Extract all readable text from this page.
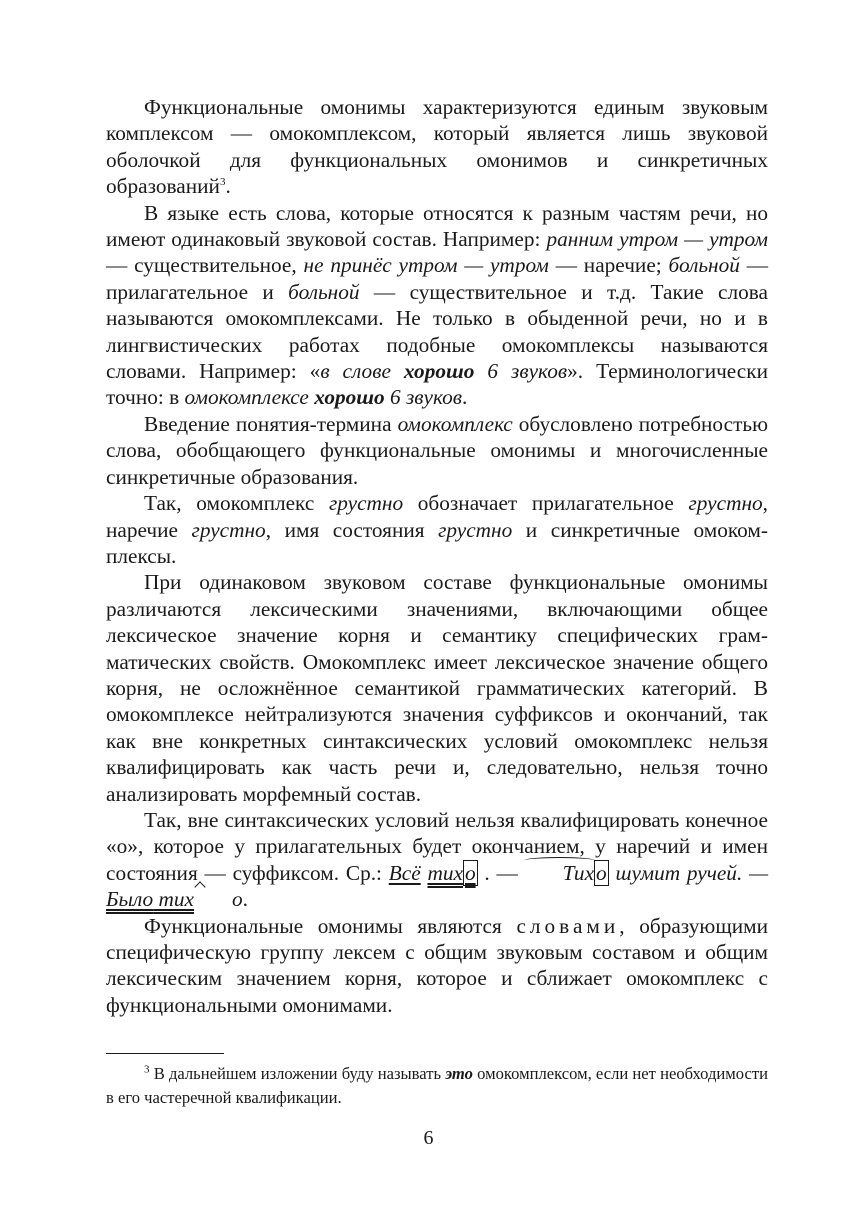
Функциональные омонимы характеризуются единым звуковым комплексом — омокомплексом, который является лишь звуковой оболочкой для функциональных омонимов и синкретичных образований$^3$.

В языке есть слова, которые относятся к разным частям речи, но имеют одинаковый звуковой состав. Например: ранним утром — утром — существительное, не принёс утром — утром — наречие; больной — прилагательное и больной — существительное и т.д. Такие слова называются омокомплексами. Не только в обыденной речи, но и в лингвистических работах подобные омокомплексы называются словами. Например: «в слове хорошо 6 звуков». Терминологически точно: в омокомплексе хорошо 6 звуков.

Введение понятия-термина омокомплекс обусловлено потребностью слова, обобщающего функциональные омонимы и многочисленные синкретичные образования.

Так, омокомплекс грустно обозначает прилагательное грустно, наречие грустно, имя состояния грустно и синкретичные омокомплексы.

При одинаковом звуковом составе функциональные омонимы различаются лексическими значениями, включающими общее лексическое значение корня и семантику специфических грамматических свойств. Омокомплекс имеет лексическое значение общего корня, не осложнённое семантикой грамматических категорий. В омокомплексе нейтрализуются значения суффиксов и окончаний, так как вне конкретных синтаксических условий омокомплекс нельзя квалифицировать как часть речи и, следовательно, нельзя точно анализировать морфемный состав.

Так, вне синтаксических условий нельзя квалифицировать конечное «о», которое у прилагательных будет окончанием, у наречий и имен состояния — суффиксом. Ср.: Всё тихо . — Тихо шумит ручей. — Было тих о.

Функциональные омонимы являются словами, образующими специфическую группу лексем с общим звуковым составом и общим лексическим значением корня, которое и сближает омокомплекс с функциональными омонимами.

$^3$ В дальнейшем изложении буду называть это омокомплексом, если нет необходимости в его частеречной квалификации.

6
